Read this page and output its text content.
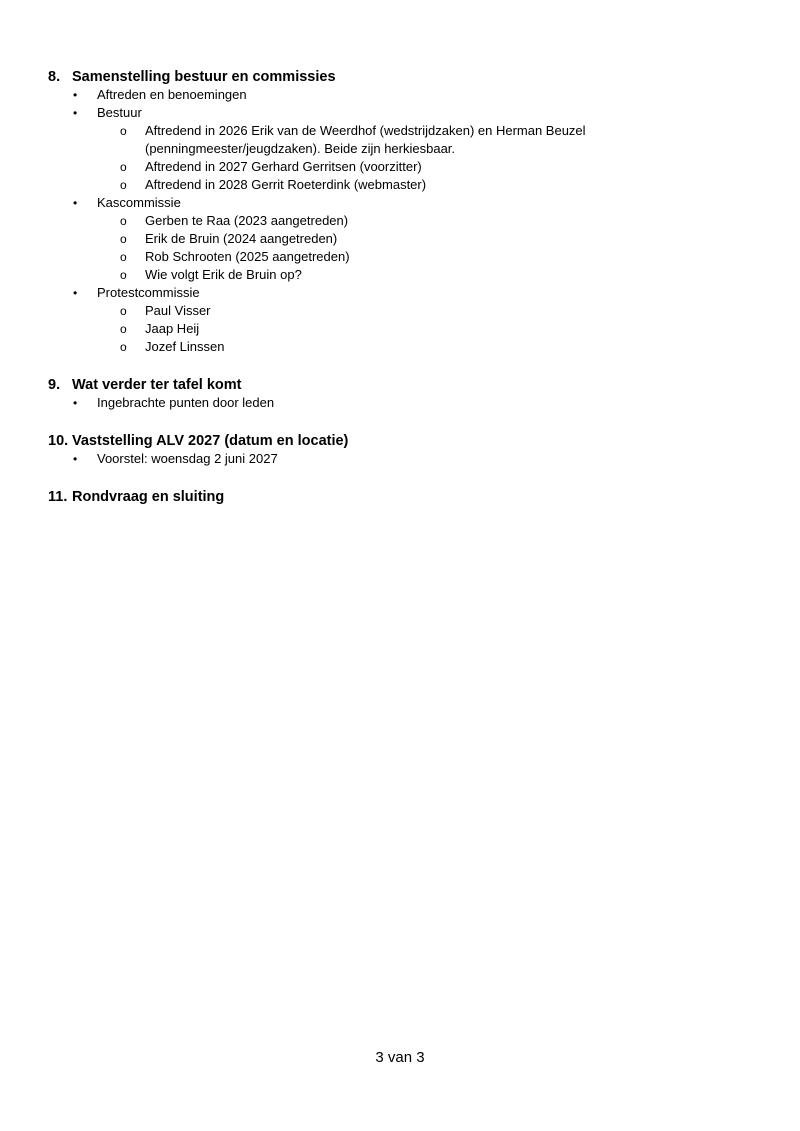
8. Samenstelling bestuur en commissies
• Aftreden en benoemingen
• Bestuur
o Aftredend in 2026 Erik van de Weerdhof (wedstrijdzaken) en Herman Beuzel (penningmeester/jeugdzaken). Beide zijn herkiesbaar.
o Aftredend in 2027 Gerhard Gerritsen (voorzitter)
o Aftredend in 2028 Gerrit Roeterdink (webmaster)
• Kascommissie
o Gerben te Raa (2023 aangetreden)
o Erik de Bruin (2024 aangetreden)
o Rob Schrooten (2025 aangetreden)
o Wie volgt Erik de Bruin op?
• Protestcommissie
o Paul Visser
o Jaap Heij
o Jozef Linssen
9. Wat verder ter tafel komt
• Ingebrachte punten door leden
10. Vaststelling ALV 2027 (datum en locatie)
• Voorstel: woensdag 2 juni 2027
11. Rondvraag en sluiting
3 van 3
